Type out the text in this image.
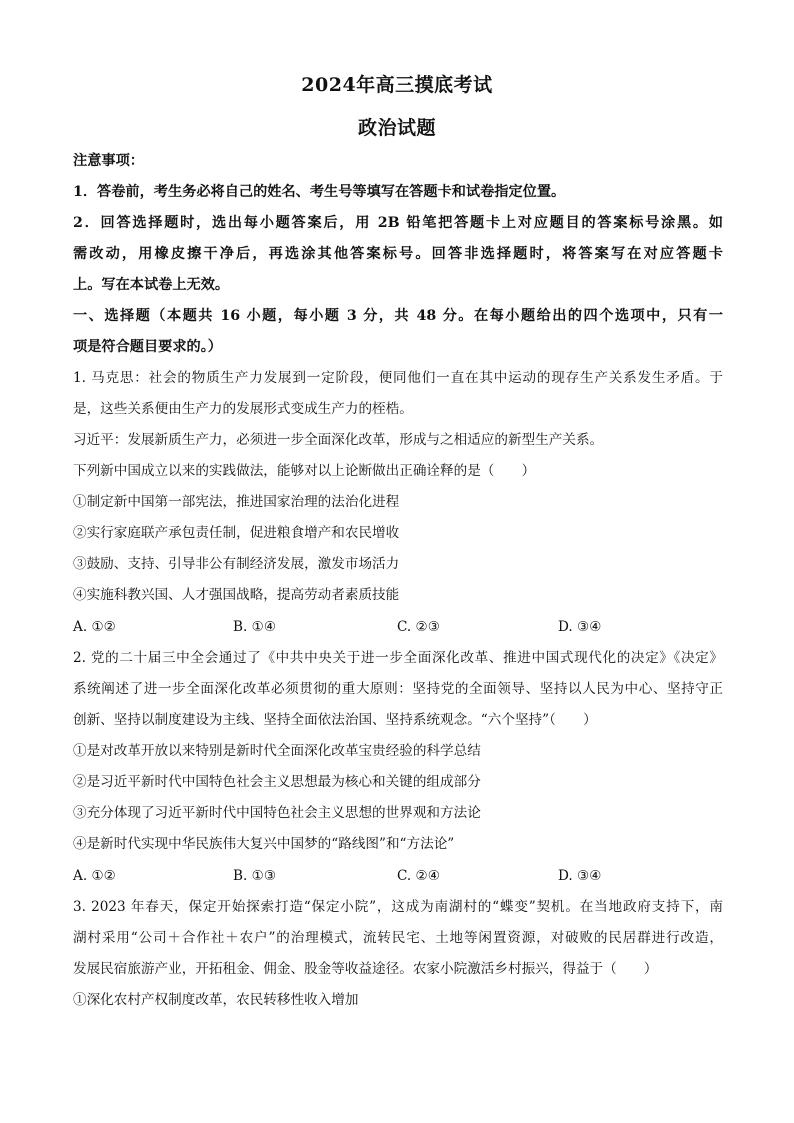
2024年高三摸底考试
政治试题
注意事项：
1．答卷前，考生务必将自己的姓名、考生号等填写在答题卡和试卷指定位置。
2．回答选择题时，选出每小题答案后，用 2B 铅笔把答题卡上对应题目的答案标号涂黑。如
需改动，用橡皮擦干净后，再选涂其他答案标号。回答非选择题时，将答案写在对应答题卡
上。写在本试卷上无效。
一、选择题（本题共 16 小题，每小题 3 分，共 48 分。在每小题给出的四个选项中，只有一
项是符合题目要求的。）
1. 马克思：社会的物质生产力发展到一定阶段，便同他们一直在其中运动的现存生产关系发生矛盾。于
是，这些关系便由生产力的发展形式变成生产力的桎梏。
习近平：发展新质生产力，必须进一步全面深化改革，形成与之相适应的新型生产关系。
下列新中国成立以来的实践做法，能够对以上论断做出正确诠释的是（　　）
①制定新中国第一部宪法，推进国家治理的法治化进程
②实行家庭联产承包责任制，促进粮食增产和农民增收
③鼓励、支持、引导非公有制经济发展，激发市场活力
④实施科教兴国、人才强国战略，提高劳动者素质技能
A. ①②	B. ①④	C. ②③	D. ③④
2. 党的二十届三中全会通过了《中共中央关于进一步全面深化改革、推进中国式现代化的决定》《决定》
系统阐述了进一步全面深化改革必须贯彻的重大原则：坚持党的全面领导、坚持以人民为中心、坚持守正
创新、坚持以制度建设为主线、坚持全面依法治国、坚持系统观念。“六个坚持”（　　）
①是对改革开放以来特别是新时代全面深化改革宝贵经验的科学总结
②是习近平新时代中国特色社会主义思想最为核心和关键的组成部分
③充分体现了习近平新时代中国特色社会主义思想的世界观和方法论
④是新时代实现中华民族伟大复兴中国梦的“路线图”和“方法论”
A. ①②	B. ①③	C. ②④	D. ③④
3. 2023 年春天，保定开始探索打造“保定小院”，这成为南湖村的“蝶变”契机。在当地政府支持下，南
湖村采用“公司＋合作社＋农户”的治理模式，流转民宅、土地等闲置资源，对破败的民居群进行改造，
发展民宿旅游产业，开拓租金、佣金、股金等收益途径。农家小院激活乡村振兴，得益于（　　）
①深化农村产权制度改革，农民转移性收入增加
